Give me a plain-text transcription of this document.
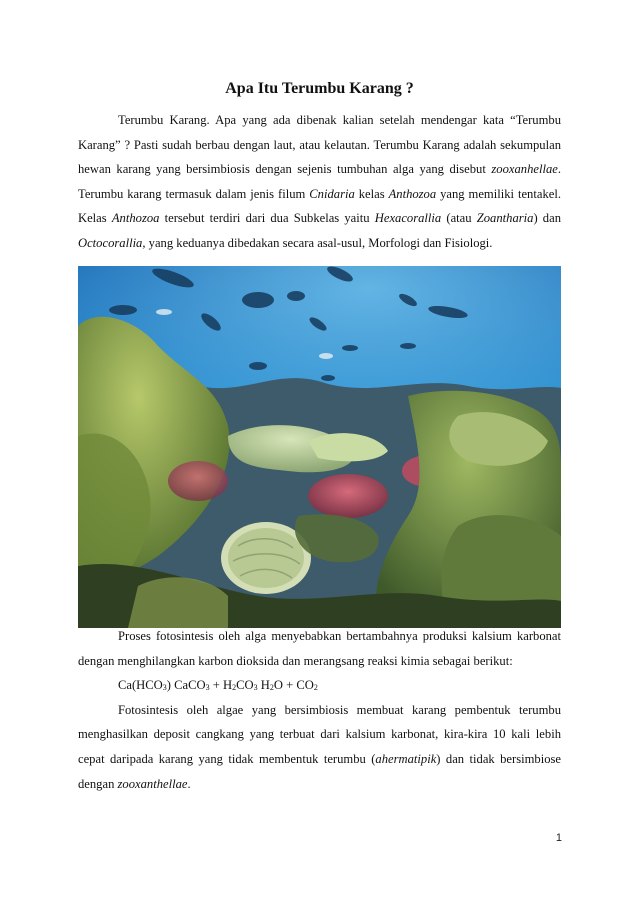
Apa Itu Terumbu Karang ?

Terumbu Karang. Apa yang ada dibenak kalian setelah mendengar kata “Terumbu Karang” ? Pasti sudah berbau dengan laut, atau kelautan. Terumbu Karang adalah sekumpulan hewan karang yang bersimbiosis dengan sejenis tumbuhan alga yang disebut zooxanhellae. Terumbu karang termasuk dalam jenis filum Cnidaria kelas Anthozoa yang memiliki tentakel. Kelas Anthozoa tersebut terdiri dari dua Subkelas yaitu Hexacorallia (atau Zoantharia) dan Octocorallia, yang keduanya dibedakan secara asal-usul, Morfologi dan Fisiologi.

Proses fotosintesis oleh alga menyebabkan bertambahnya produksi kalsium karbonat dengan menghilangkan karbon dioksida dan merangsang reaksi kimia sebagai berikut:

$Ca(HCO_3)$ CaCO$_3$ + $H_2CO_3$ $H_2O + CO_2$

Fotosintesis oleh algae yang bersimbiosis membuat karang pembentuk terumbu menghasilkan deposit cangkang yang terbuat dari kalsium karbonat, kira-kira 10 kali lebih cepat daripada karang yang tidak membentuk terumbu (ahermatipik) dan tidak bersimbiose dengan zooxanthellae.

1
